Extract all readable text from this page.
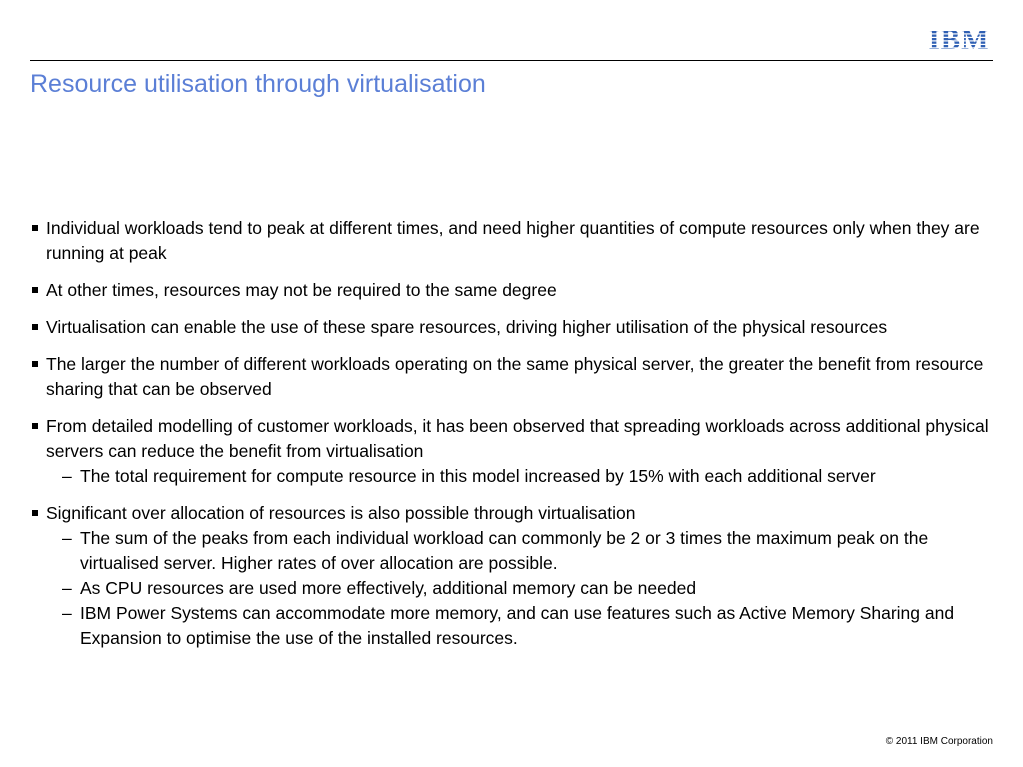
IBM
Resource utilisation through virtualisation
Individual workloads tend to peak at different times, and need higher quantities of compute resources only when they are running at peak
At other times, resources may not be required to the same degree
Virtualisation can enable the use of these spare resources, driving higher utilisation of the physical resources
The larger the number of different workloads operating on the same physical server, the greater the benefit from resource sharing that can be observed
From detailed modelling of customer workloads, it has been observed that spreading workloads across additional physical servers can reduce the benefit from virtualisation
– The total requirement for compute resource in this model increased by 15% with each additional server
Significant over allocation of resources is also possible through virtualisation
– The sum of the peaks from each individual workload can commonly be 2 or 3 times the maximum peak on the virtualised server. Higher rates of over allocation are possible.
– As CPU resources are used more effectively, additional memory can be needed
– IBM Power Systems can accommodate more memory, and can use features such as Active Memory Sharing and Expansion to optimise the use of the installed resources.
© 2011 IBM Corporation
